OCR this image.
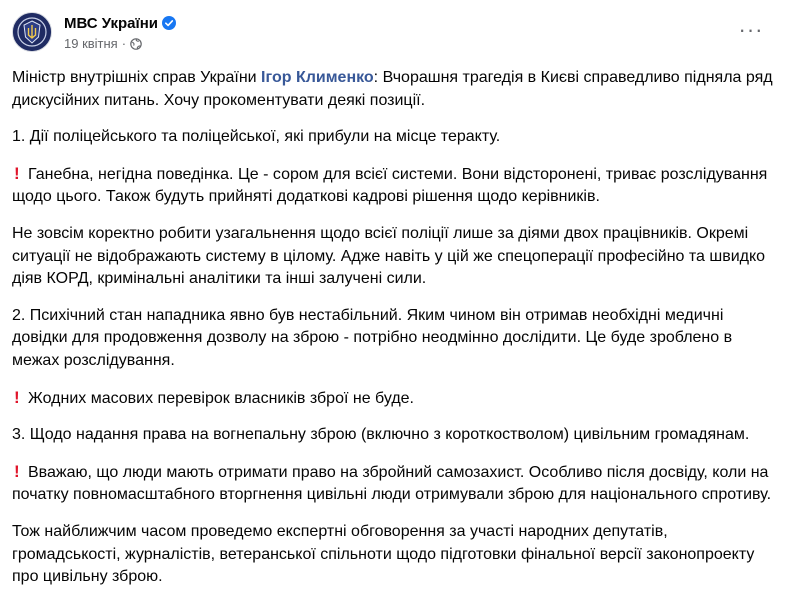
МВС України
19 квітня ·
···

Міністр внутрішніх справ України Ігор Клименко: Вчорашня трагедія в Києві справедливо підняла ряд дискусійних питань. Хочу прокоментувати деякі позиції.

1. Дії поліцейського та поліцейської, які прибули на місце теракту.

! Ганебна, негідна поведінка. Це - сором для всієї системи. Вони відсторонені, триває розслідування щодо цього. Також будуть прийняті додаткові кадрові рішення щодо керівників.

Не зовсім коректно робити узагальнення щодо всієї поліції лише за діями двох працівників. Окремі ситуації не відображають систему в цілому. Адже навіть у цій же спецоперації професійно та швидко діяв КОРД, кримінальні аналітики та інші залучені сили.

2. Психічний стан нападника явно був нестабільний. Яким чином він отримав необхідні медичні довідки для продовження дозволу на зброю - потрібно неодмінно дослідити. Це буде зроблено в межах розслідування.

! Жодних масових перевірок власників зброї не буде.

3. Щодо надання права на вогнепальну зброю (включно з короткостволом) цивільним громадянам.

! Вважаю, що люди мають отримати право на збройний самозахист. Особливо після досвіду, коли на початку повномасштабного вторгнення цивільні люди отримували зброю для національного спротиву.

Тож найближчим часом проведемо експертні обговорення за участі народних депутатів, громадськості, журналістів, ветеранської спільноти щодо підготовки фінальної версії законопроекту про цивільну зброю.
